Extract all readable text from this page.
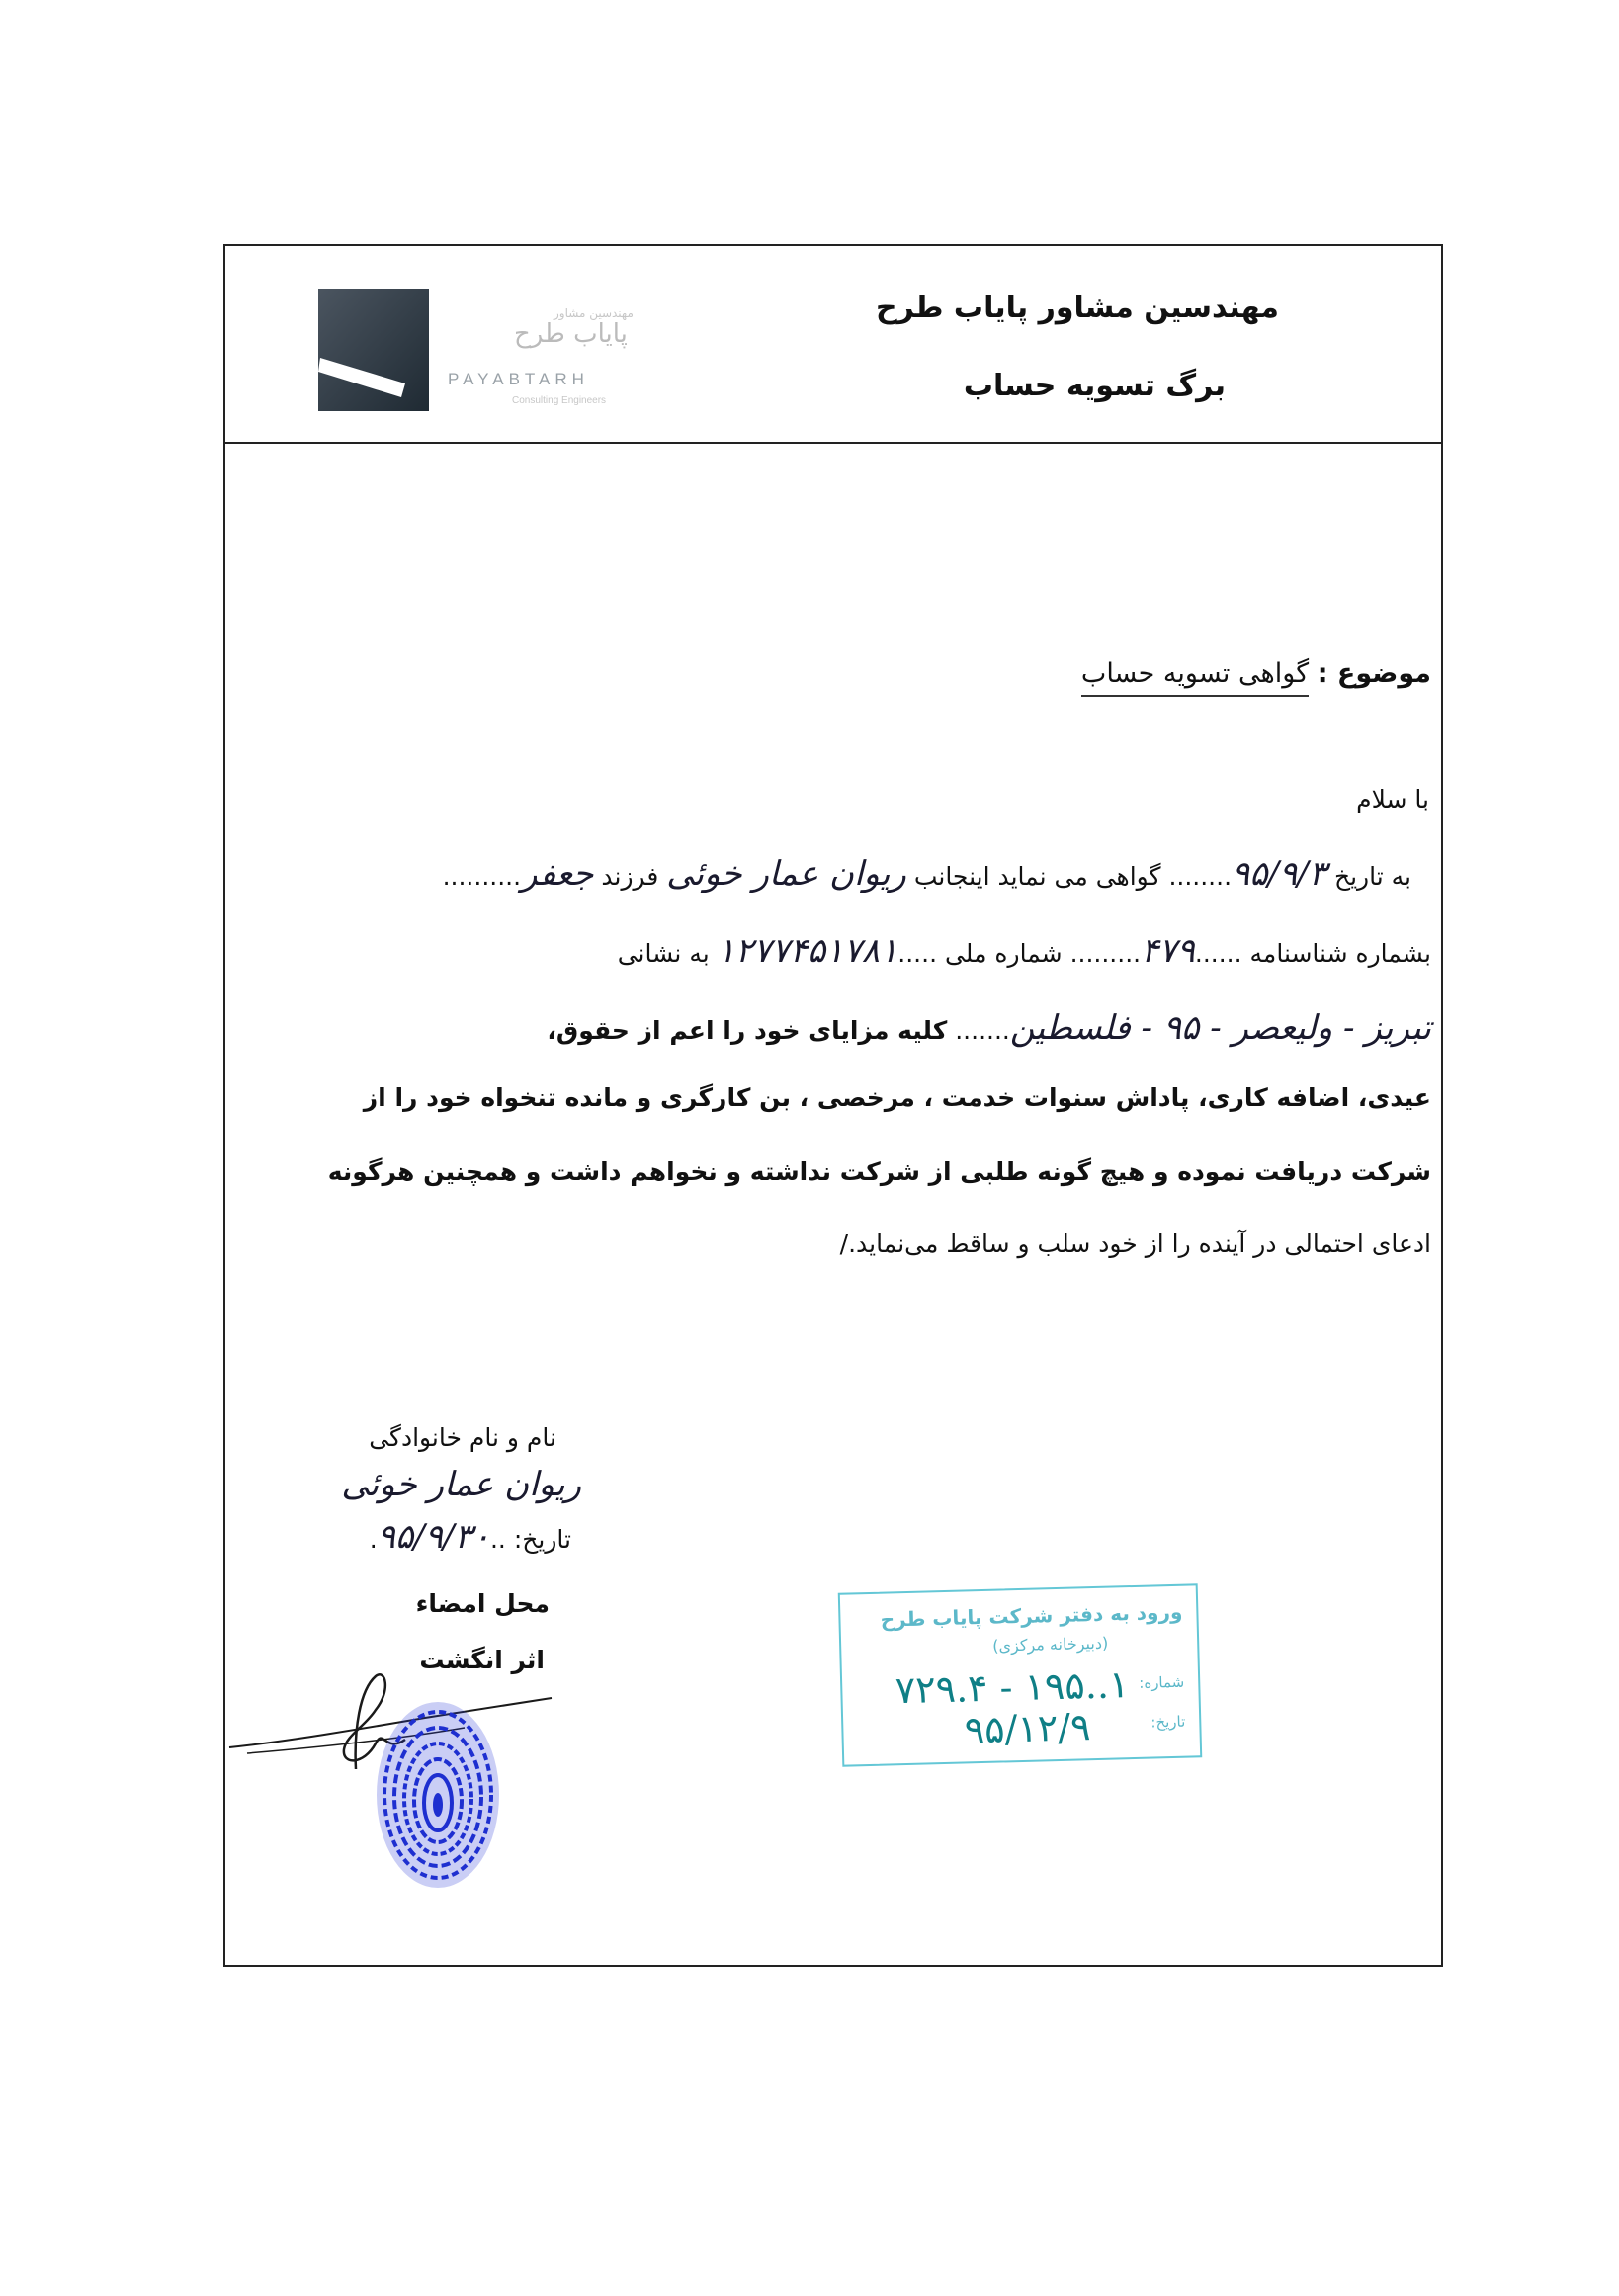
مهندسین مشاور
پایاب طرح
PAYABTARH
Consulting Engineers
مهندسین مشاور پایاب طرح
برگ تسویه حساب
موضوع : گواهی تسویه حساب
با سلام
به تاریخ ۹۵/۹/۳........ گواهی می نماید اینجانب ریوان عمار خوئی فرزند جعفر..........
بشماره شناسنامه ......۴۷۹......... شماره ملی .....۱۲۷۷۴۵۱۷۸۱ به نشانی
تبریز - ولیعصر - ۹۵ - فلسطین....... کلیه مزایای خود را اعم از حقوق،
عیدی، اضافه کاری، پاداش سنوات خدمت ، مرخصی ، بن کارگری و مانده تنخواه خود را از
شرکت دریافت نموده و هیچ گونه طلبی از شرکت نداشته و نخواهم داشت و همچنین هرگونه
ادعای احتمالی در آینده را از خود سلب و ساقط می‌نماید./
نام و نام خانوادگی
ریوان عمار خوئی
تاریخ: ..۹۵/۹/۳۰.
محل امضاء
اثر انگشت
ورود به دفتر شرکت پایاب طرح
(دبیرخانه مرکزی)
شماره:
۱..۱۹۵ - ۷۲۹.۴
تاریخ:
۹۵/۱۲/۹
